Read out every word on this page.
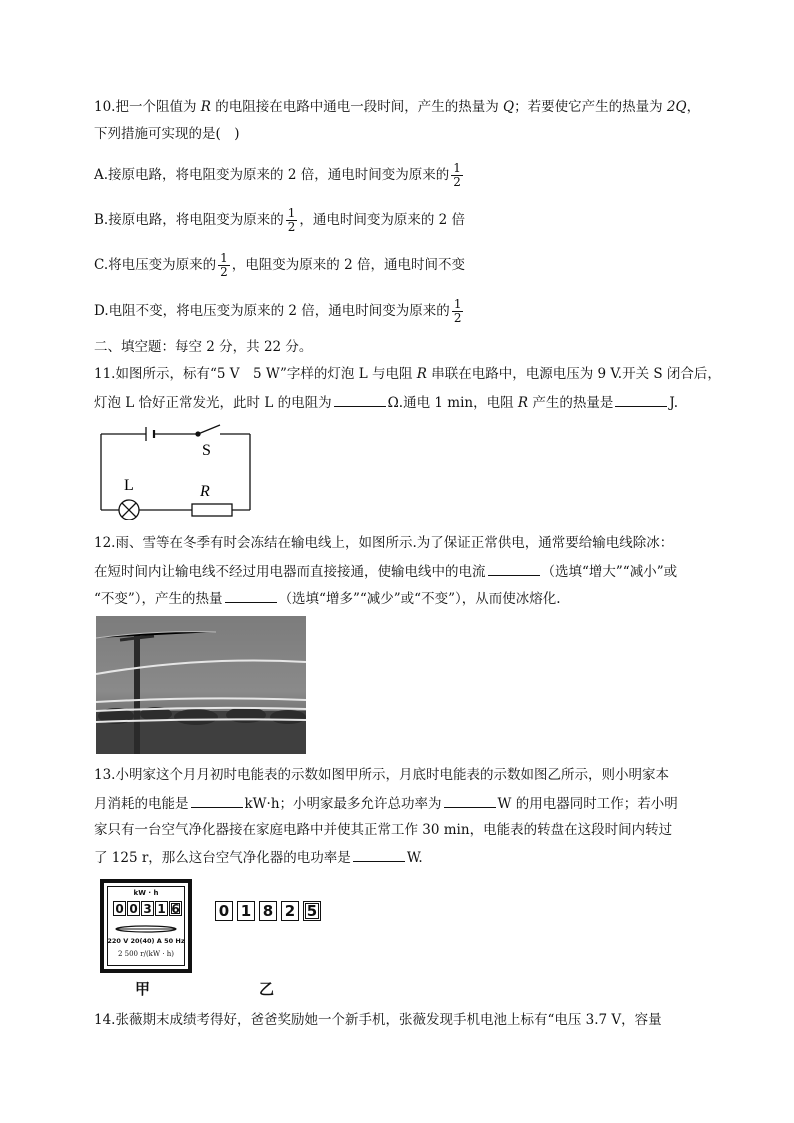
10.把一个阻值为 R 的电阻接在电路中通电一段时间，产生的热量为 Q；若要使它产生的热量为 2Q，
下列措施可实现的是(　)
A.接原电路，将电阻变为原来的 2 倍，通电时间变为原来的 $\frac{1}{2}$
B.接原电路，将电阻变为原来的 $\frac{1}{2}$ ，通电时间变为原来的 2 倍
C.将电压变为原来的 $\frac{1}{2}$ ，电阻变为原来的 2 倍，通电时间不变
D.电阻不变，将电压变为原来的 2 倍，通电时间变为原来的 $\frac{1}{2}$
二、填空题：每空 2 分，共 22 分。
11.如图所示，标有“5 V　5 W”字样的灯泡 L 与电阻 R 串联在电路中，电源电压为 9 V.开关 S 闭合后，
灯泡 L 恰好正常发光，此时 L 的电阻为	Ω.通电 1 min，电阻 R 产生的热量是	J.
S
L	R
12.雨、雪等在冬季有时会冻结在输电线上，如图所示.为了保证正常供电，通常要给输电线除冰：
在短时间内让输电线不经过用电器而直接接通，使输电线中的电流	（选填“增大”“减小”或
“不变”），产生的热量	（选填“增多”“减少”或“不变”），从而使冰熔化.
13.小明家这个月月初时电能表的示数如图甲所示，月底时电能表的示数如图乙所示，则小明家本
月消耗的电能是	kW·h；小明家最多允许总功率为	W 的用电器同时工作；若小明
家只有一台空气净化器接在家庭电路中并使其正常工作 30 min，电能表的转盘在这段时间内转过
了 125 r，那么这台空气净化器的电功率是	W.
kW · h
0 0 3 1 6
220 V 20(40) A 50 Hz
2 500 r/(kW · h)
0 1 8 2 5
甲	乙
14.张薇期末成绩考得好，爸爸奖励她一个新手机，张薇发现手机电池上标有“电压 3.7 V，容量
